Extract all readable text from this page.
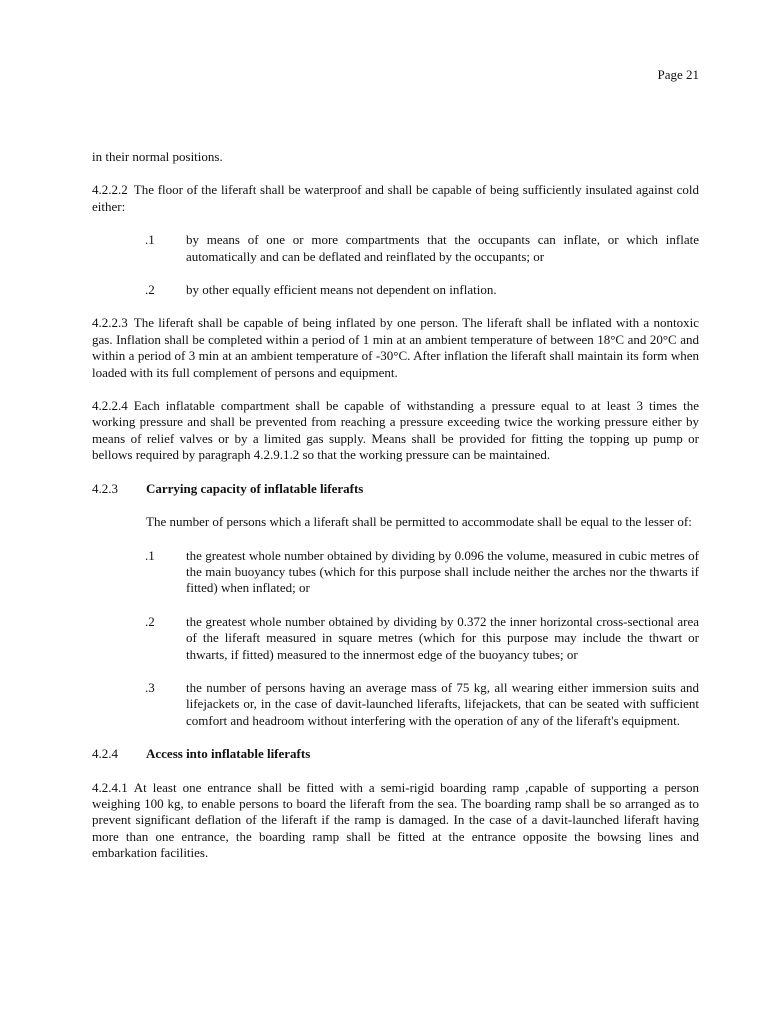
Page 21

in their normal positions.

4.2.2.2 The floor of the liferaft shall be waterproof and shall be capable of being sufficiently insulated against cold either:

.1 by means of one or more compartments that the occupants can inflate, or which inflate automatically and can be deflated and reinflated by the occupants; or
.2 by other equally efficient means not dependent on inflation.

4.2.2.3 The liferaft shall be capable of being inflated by one person. The liferaft shall be inflated with a nontoxic gas. Inflation shall be completed within a period of 1 min at an ambient temperature of between 18°C and 20°C and within a period of 3 min at an ambient temperature of -30°C. After inflation the liferaft shall maintain its form when loaded with its full complement of persons and equipment.

4.2.2.4 Each inflatable compartment shall be capable of withstanding a pressure equal to at least 3 times the working pressure and shall be prevented from reaching a pressure exceeding twice the working pressure either by means of relief valves or by a limited gas supply. Means shall be provided for fitting the topping up pump or bellows required by paragraph 4.2.9.1.2 so that the working pressure can be maintained.

4.2.3 Carrying capacity of inflatable liferafts

The number of persons which a liferaft shall be permitted to accommodate shall be equal to the lesser of:

.1 the greatest whole number obtained by dividing by 0.096 the volume, measured in cubic metres of the main buoyancy tubes (which for this purpose shall include neither the arches nor the thwarts if fitted) when inflated; or
.2 the greatest whole number obtained by dividing by 0.372 the inner horizontal cross-sectional area of the liferaft measured in square metres (which for this purpose may include the thwart or thwarts, if fitted) measured to the innermost edge of the buoyancy tubes; or
.3 the number of persons having an average mass of 75 kg, all wearing either immersion suits and lifejackets or, in the case of davit-launched liferafts, lifejackets, that can be seated with sufficient comfort and headroom without interfering with the operation of any of the liferaft's equipment.

4.2.4 Access into inflatable liferafts

4.2.4.1 At least one entrance shall be fitted with a semi-rigid boarding ramp ,capable of supporting a person weighing 100 kg, to enable persons to board the liferaft from the sea. The boarding ramp shall be so arranged as to prevent significant deflation of the liferaft if the ramp is damaged. In the case of a davit-launched liferaft having more than one entrance, the boarding ramp shall be fitted at the entrance opposite the bowsing lines and embarkation facilities.
